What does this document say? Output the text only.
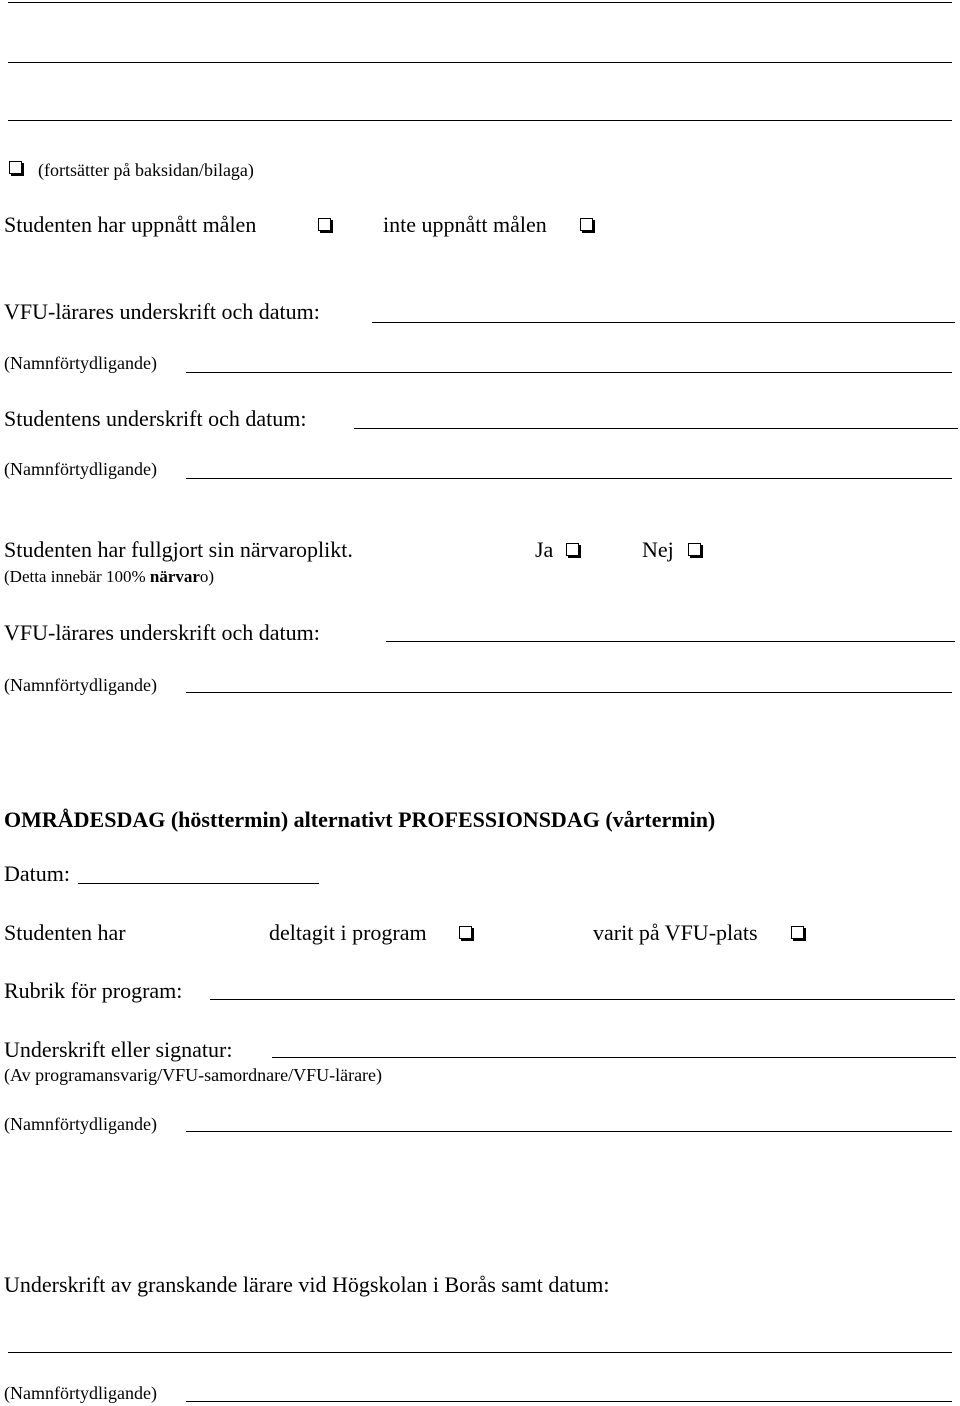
(fortsätter på baksidan/bilaga)
Studenten har uppnått målen	inte uppnått målen
VFU-lärares underskrift och datum:
(Namnförtydligande)
Studentens underskrift och datum:
(Namnförtydligande)
Studenten har fullgjort sin närvaroplikt.	Ja	Nej
(Detta innebär 100% närvaro)
VFU-lärares underskrift och datum:
(Namnförtydligande)
OMRÅDESDAG (hösttermin) alternativt PROFESSIONSDAG (vårtermin)
Datum:
Studenten har	deltagit i program	varit på VFU-plats
Rubrik för program:
Underskrift eller signatur:
(Av programansvarig/VFU-samordnare/VFU-lärare)
(Namnförtydligande)
Underskrift av granskande lärare vid Högskolan i Borås samt datum:
(Namnförtydligande)
